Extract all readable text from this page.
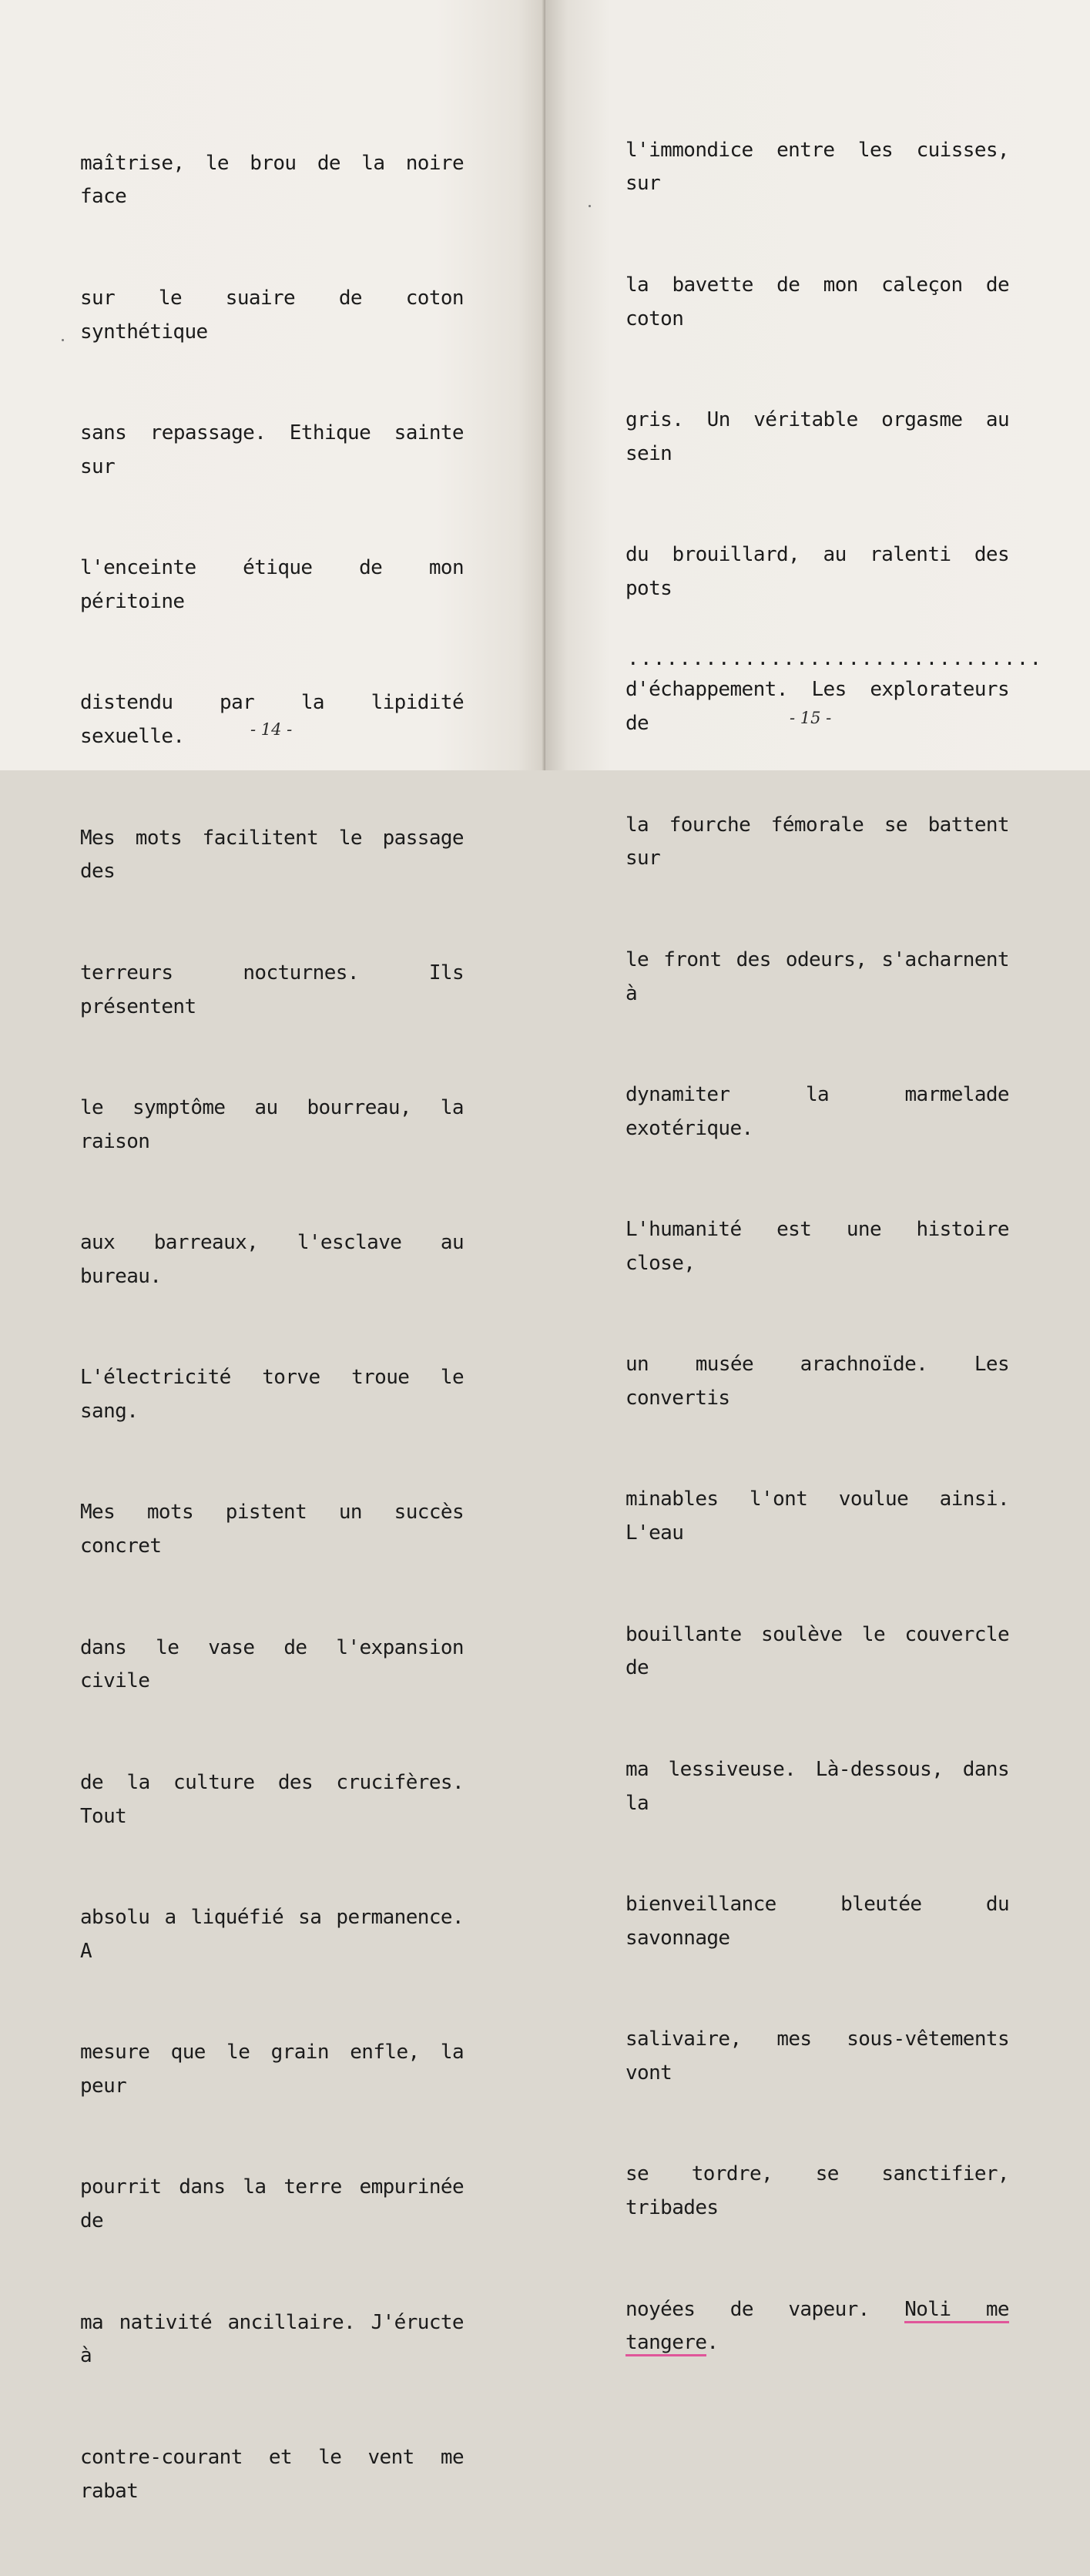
maîtrise, le brou de la noire face

sur le suaire de coton synthétique

sans repassage. Ethique sainte sur

l'enceinte étique de mon péritoine

distendu par la lipidité sexuelle.

Mes mots facilitent le passage des

terreurs nocturnes. Ils présentent

le symptôme au bourreau, la raison

aux barreaux, l'esclave au bureau.

L'électricité torve troue le sang.

Mes mots pistent un succès concret

dans le vase de l'expansion civile

de la culture des crucifères. Tout

absolu a liquéfié sa permanence. A

mesure que le grain enfle, la peur

pourrit dans la terre empurinée de

ma nativité ancillaire. J'éructe à

contre-courant et le vent me rabat

- 14 -

l'immondice entre les cuisses, sur

la bavette de mon caleçon de coton

gris. Un véritable orgasme au sein

du brouillard, au ralenti des pots

d'échappement. Les explorateurs de

la fourche fémorale se battent sur

le front des odeurs, s'acharnent à

dynamiter la marmelade exotérique.

L'humanité est une histoire close,

un musée arachnoïde. Les convertis

minables l'ont voulue ainsi. L'eau

bouillante soulève le couvercle de

ma lessiveuse. Là-dessous, dans la

bienveillance bleutée du savonnage

salivaire, mes sous-vêtements vont

se tordre, se sanctifier, tribades

noyées de vapeur. Noli me tangere.

................................
- 15 -
